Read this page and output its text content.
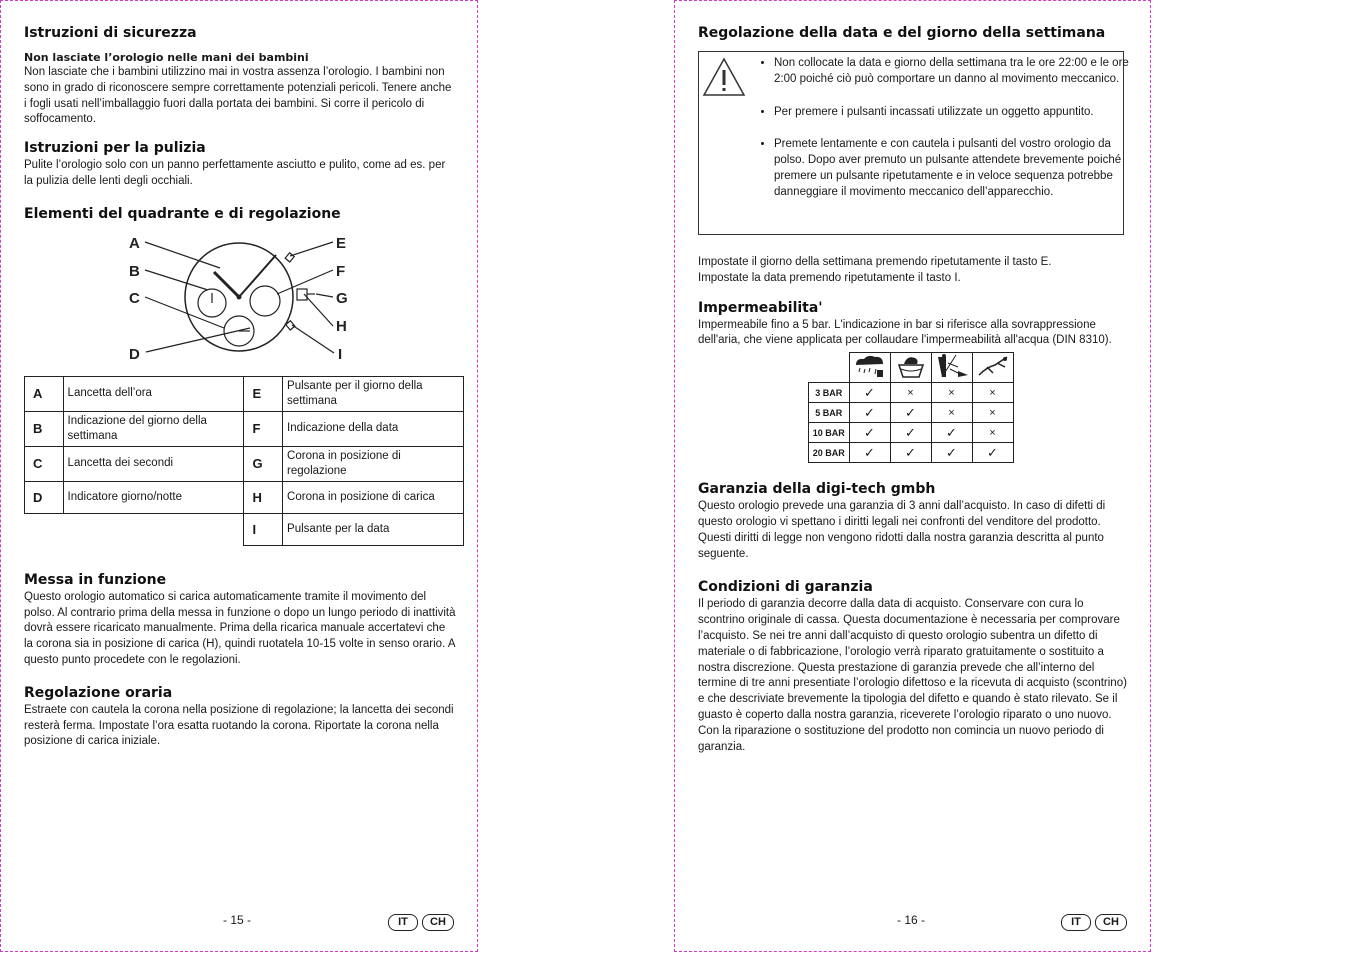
Istruzioni di sicurezza
Non lasciate l’orologio nelle mani dei bambini

Non lasciate che i bambini utilizzino mai in vostra assenza l’orologio. I bambini non sono in grado di riconoscere sempre correttamente potenziali pericoli. Tenere anche i fogli usati nell’imballaggio fuori dalla portata dei bambini. Si corre il pericolo di soffocamento.

Istruzioni per la pulizia

Pulite l’orologio solo con un panno perfettamente asciutto e pulito, come ad es. per la pulizia delle lenti degli occhiali.

Elementi del quadrante e di regolazione
A
B
C
D
E
F
G
H
I
A	Lancetta dell’ora	E	Pulsante per il giorno della settimana
B	Indicazione del giorno della settimana	F	Indicazione della data
C	Lancetta dei secondi	G	Corona in posizione di regolazione
D	Indicatore giorno/notte	H	Corona in posizione di carica
		I	Pulsante per la data
Messa in funzione

Questo orologio automatico si carica automaticamente tramite il movimento del polso. Al contrario prima della messa in funzione o dopo un lungo periodo di inattività dovrà essere ricaricato manualmente. Prima della ricarica manuale accertatevi che la corona sia in posizione di carica (H), quindi ruotatela 10-15 volte in senso orario. A questo punto procedete con le regolazioni.

Regolazione oraria

Estraete con cautela la corona nella posizione di regolazione; la lancetta dei secondi resterà ferma. Impostate l’ora esatta ruotando la corona. Riportate la corona nella posizione di carica iniziale.

- 15 -	IT	CH
Regolazione della data e del giorno della settimana
• Non collocate la data e giorno della settimana tra le ore 22:00 e le ore 2:00 poiché ciò può comportare un danno al movimento meccanico.
• Per premere i pulsanti incassati utilizzate un oggetto appuntito.
• Premete lentamente e con cautela i pulsanti del vostro orologio da polso. Dopo aver premuto un pulsante attendete brevemente poiché premere un pulsante ripetutamente e in veloce sequenza potrebbe danneggiare il movimento meccanico dell’apparecchio.

Impostate il giorno della settimana premendo ripetutamente il tasto E.

Impostate la data premendo ripetutamente il tasto I.

Impermeabilita'

Impermeabile fino a 5 bar. L'indicazione in bar si riferisce alla sovrappressione dell'aria, che viene applicata per collaudare l'impermeabilità all'acqua (DIN 8310).

3 BAR	✓	×	×	×
5 BAR	✓	✓	×	×
10 BAR	✓	✓	✓	×
20 BAR	✓	✓	✓	✓
Garanzia della digi-tech gmbh

Questo orologio prevede una garanzia di 3 anni dall’acquisto. In caso di difetti di questo orologio vi spettano i diritti legali nei confronti del venditore del prodotto. Questi diritti di legge non vengono ridotti dalla nostra garanzia descritta al punto seguente.

Condizioni di garanzia

Il periodo di garanzia decorre dalla data di acquisto. Conservare con cura lo scontrino originale di cassa. Questa documentazione è necessaria per comprovare l’acquisto. Se nei tre anni dall’acquisto di questo orologio subentra un difetto di materiale o di fabbricazione, l’orologio verrà riparato gratuitamente o sostituito a nostra discrezione. Questa prestazione di garanzia prevede che all’interno del termine di tre anni presentiate l’orologio difettoso e la ricevuta di acquisto (scontrino) e che descriviate brevemente la tipologia del difetto e quando è stato rilevato. Se il guasto è coperto dalla nostra garanzia, riceverete l’orologio riparato o uno nuovo. Con la riparazione o sostituzione del prodotto non comincia un nuovo periodo di garanzia.

- 16 -	IT	CH
